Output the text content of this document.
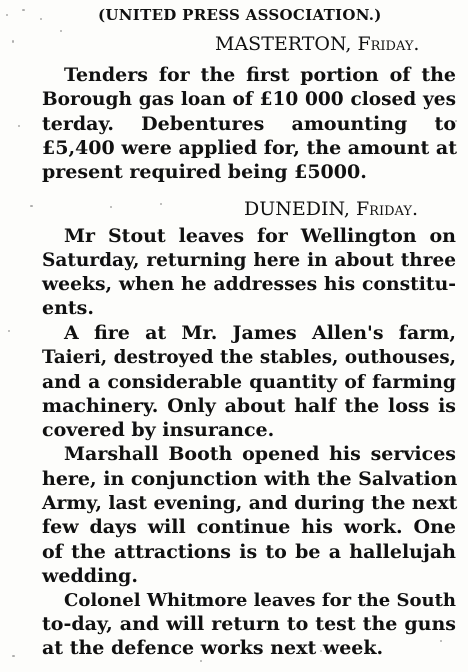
(UNITED PRESS ASSOCIATION.)
MASTERTON, Friday.
Tenders for the first portion of the
Borough gas loan of £10 000 closed yes
terday. Debentures amounting to
£5,400 were applied for, the amount at
present required being £5000.
DUNEDIN, Friday.
Mr Stout leaves for Wellington on
Saturday, returning here in about three
weeks, when he addresses his constitu-
ents.
A fire at Mr. James Allen's farm,
Taieri, destroyed the stables, outhouses,
and a considerable quantity of farming
machinery. Only about half the loss is
covered by insurance.
Marshall Booth opened his services
here, in conjunction with the Salvation
Army, last evening, and during the next
few days will continue his work. One
of the attractions is to be a hallelujah
wedding.
Colonel Whitmore leaves for the South
to-day, and will return to test the guns
at the defence works next week.
